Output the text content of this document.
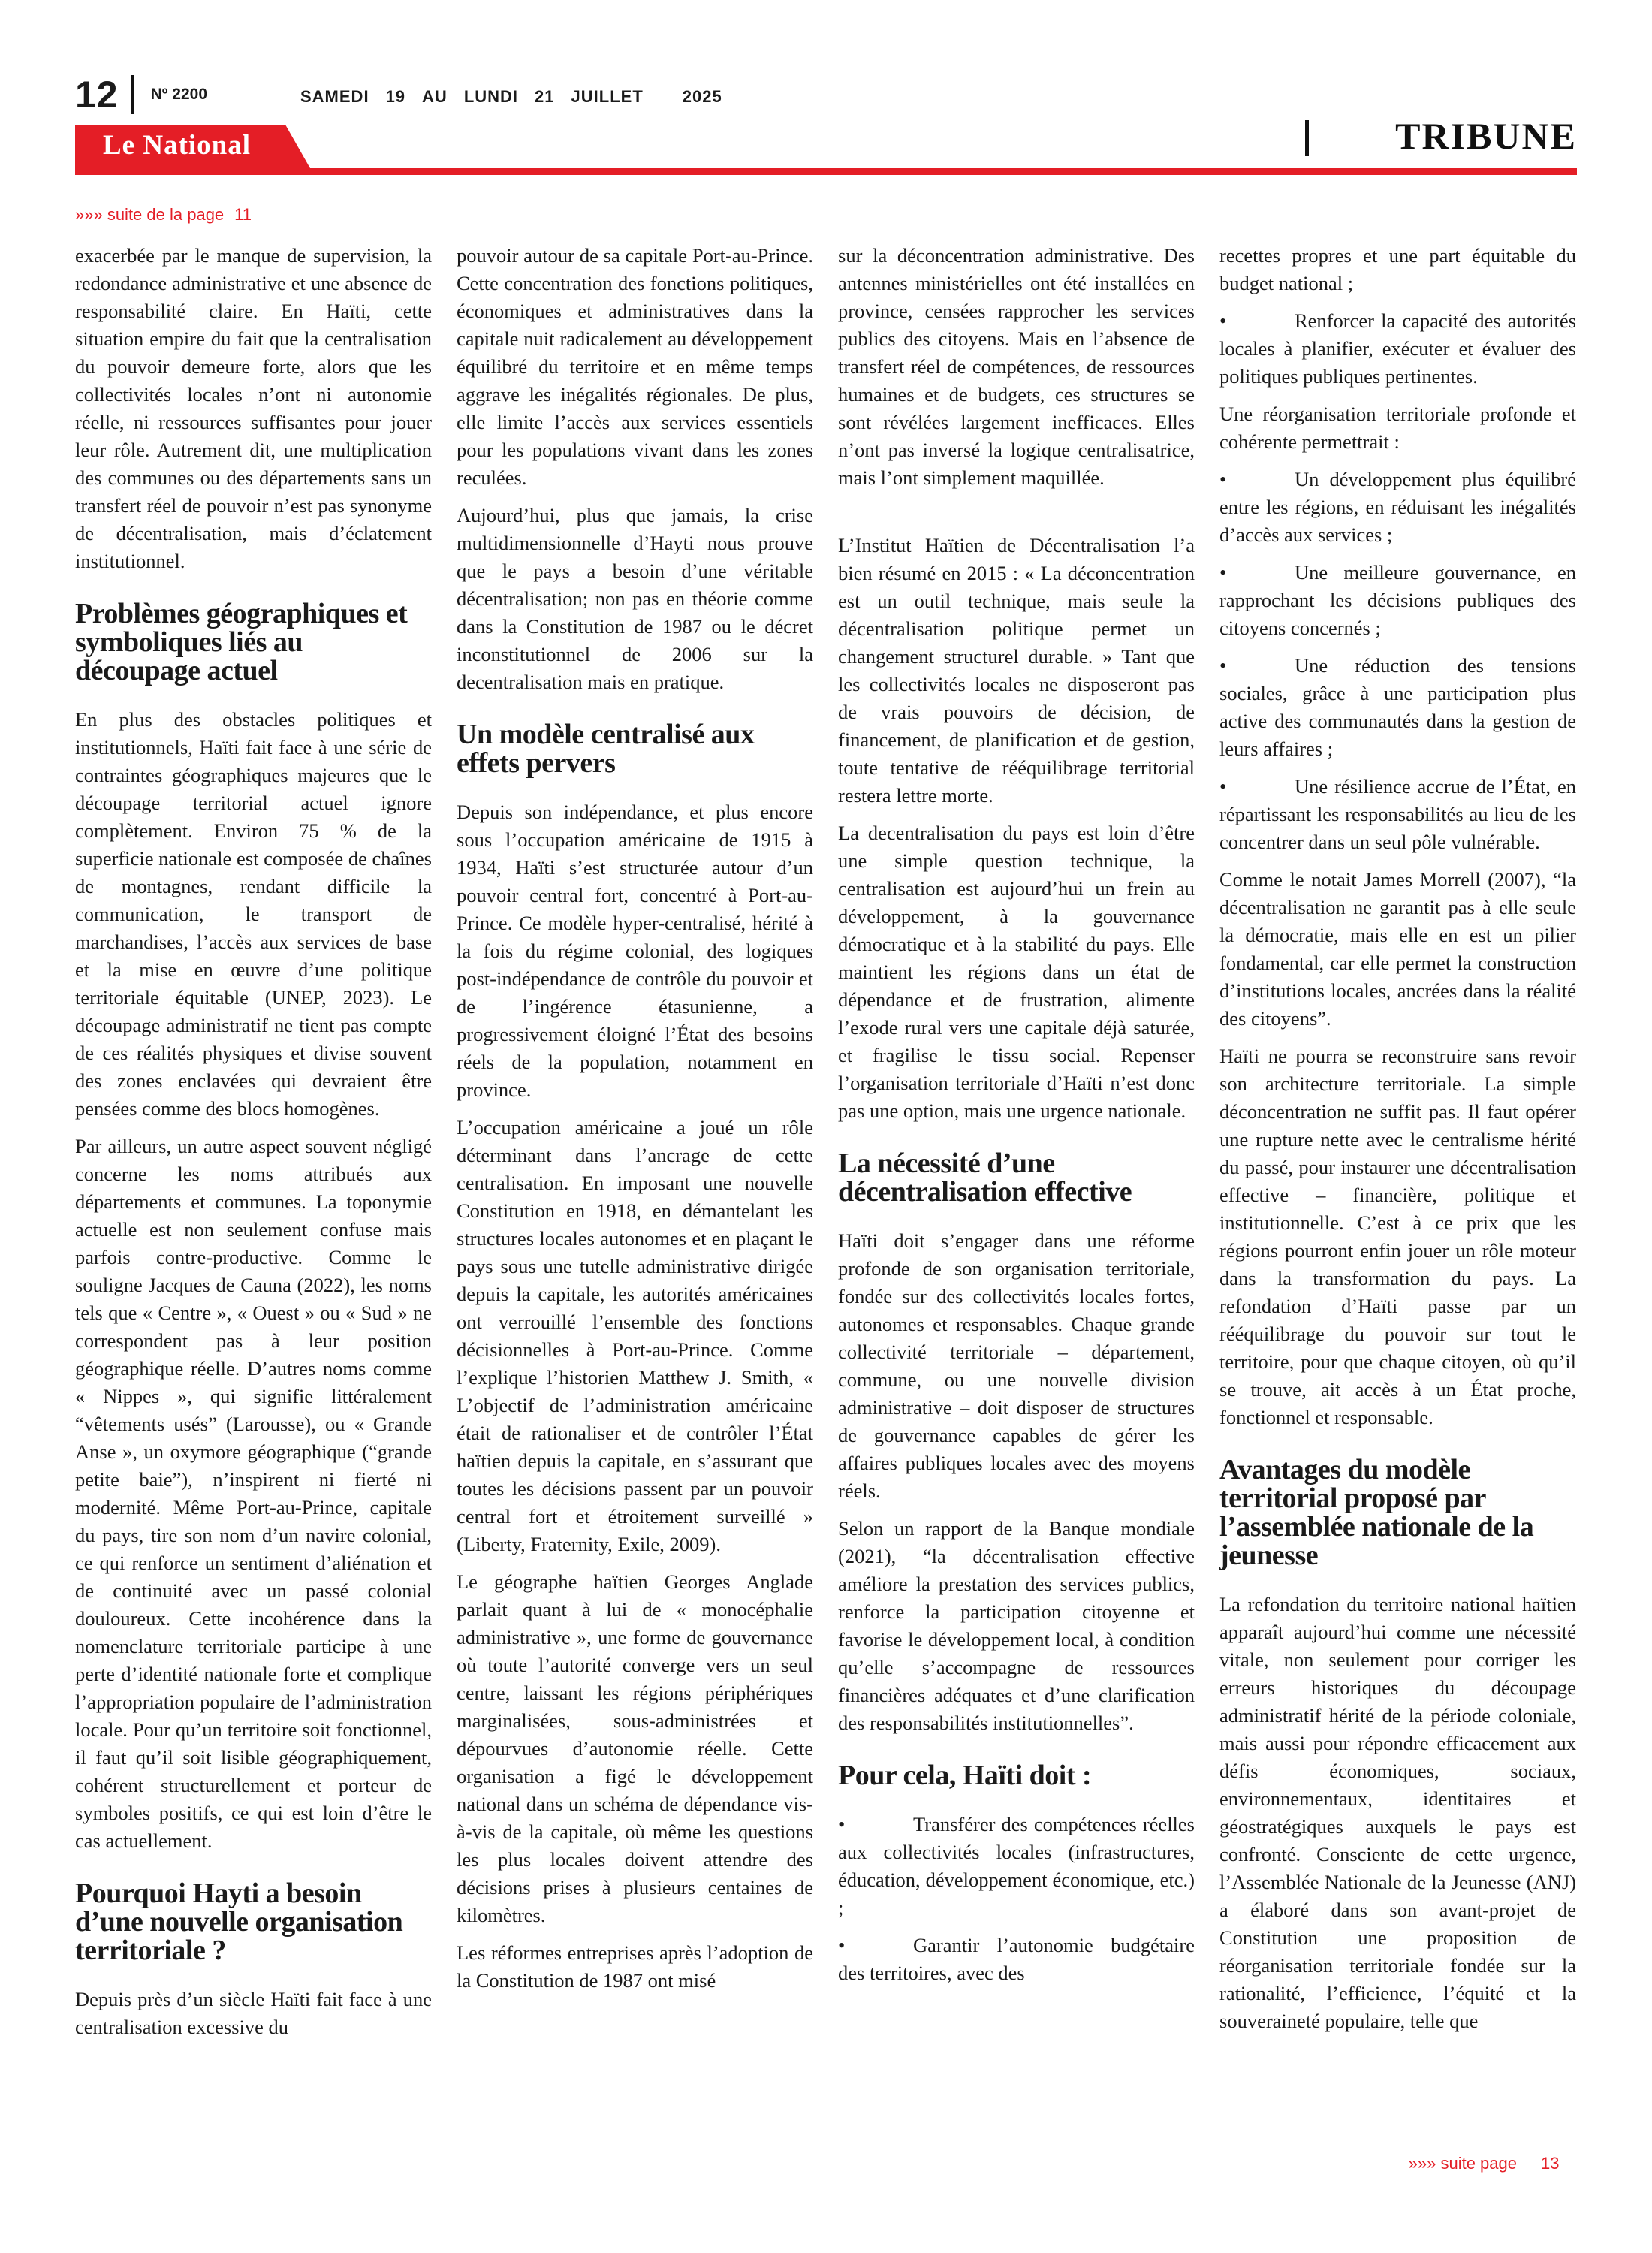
12 Nº 2200	SAMEDI 19 AU LUNDI 21 JUILLET 2025
Le National	TRIBUNE
»»» suite de la page 11

exacerbée par le manque de supervision, la redondance administrative et une absence de responsabilité claire. En Haïti, cette situation empire du fait que la centralisation du pouvoir demeure forte, alors que les collectivités locales n’ont ni autonomie réelle, ni ressources suffisantes pour jouer leur rôle. Autrement dit, une multiplication des communes ou des départements sans un transfert réel de pouvoir n’est pas synonyme de décentralisation, mais d’éclatement institutionnel.

Problèmes géographiques et symboliques liés au découpage actuel

En plus des obstacles politiques et institutionnels, Haïti fait face à une série de contraintes géographiques majeures que le découpage territorial actuel ignore complètement. Environ 75 % de la superficie nationale est composée de chaînes de montagnes, rendant difficile la communication, le transport de marchandises, l’accès aux services de base et la mise en œuvre d’une politique territoriale équitable (UNEP, 2023). Le découpage administratif ne tient pas compte de ces réalités physiques et divise souvent des zones enclavées qui devraient être pensées comme des blocs homogènes.

Par ailleurs, un autre aspect souvent négligé concerne les noms attribués aux départements et communes. La toponymie actuelle est non seulement confuse mais parfois contre-productive. Comme le souligne Jacques de Cauna (2022), les noms tels que « Centre », « Ouest » ou « Sud » ne correspondent pas à leur position géographique réelle. D’autres noms comme « Nippes », qui signifie littéralement “vêtements usés” (Larousse), ou « Grande Anse », un oxymore géographique (“grande petite baie”), n’inspirent ni fierté ni modernité. Même Port-au-Prince, capitale du pays, tire son nom d’un navire colonial, ce qui renforce un sentiment d’aliénation et de continuité avec un passé colonial douloureux. Cette incohérence dans la nomenclature territoriale participe à une perte d’identité nationale forte et complique l’appropriation populaire de l’administration locale. Pour qu’un territoire soit fonctionnel, il faut qu’il soit lisible géographiquement, cohérent structurellement et porteur de symboles positifs, ce qui est loin d’être le cas actuellement.

Pourquoi Hayti a besoin d’une nouvelle organisation territoriale ?

Depuis près d’un siècle Haïti fait face à une centralisation excessive du

pouvoir autour de sa capitale Port-au-Prince. Cette concentration des fonctions politiques, économiques et administratives dans la capitale nuit radicalement au développement équilibré du territoire et en même temps aggrave les inégalités régionales. De plus, elle limite l’accès aux services essentiels pour les populations vivant dans les zones reculées.

Aujourd’hui, plus que jamais, la crise multidimensionnelle d’Hayti nous prouve que le pays a besoin d’une véritable décentralisation; non pas en théorie comme dans la Constitution de 1987 ou le décret inconstitutionnel de 2006 sur la decentralisation mais en pratique.

Un modèle centralisé aux effets pervers

Depuis son indépendance, et plus encore sous l’occupation américaine de 1915 à 1934, Haïti s’est structurée autour d’un pouvoir central fort, concentré à Port-au-Prince. Ce modèle hyper-centralisé, hérité à la fois du régime colonial, des logiques post-indépendance de contrôle du pouvoir et de l’ingérence étasunienne, a progressivement éloigné l’État des besoins réels de la population, notamment en province.

L’occupation américaine a joué un rôle déterminant dans l’ancrage de cette centralisation. En imposant une nouvelle Constitution en 1918, en démantelant les structures locales autonomes et en plaçant le pays sous une tutelle administrative dirigée depuis la capitale, les autorités américaines ont verrouillé l’ensemble des fonctions décisionnelles à Port-au-Prince. Comme l’explique l’historien Matthew J. Smith, « L’objectif de l’administration américaine était de rationaliser et de contrôler l’État haïtien depuis la capitale, en s’assurant que toutes les décisions passent par un pouvoir central fort et étroitement surveillé » (Liberty, Fraternity, Exile, 2009).

Le géographe haïtien Georges Anglade parlait quant à lui de « monocéphalie administrative », une forme de gouvernance où toute l’autorité converge vers un seul centre, laissant les régions périphériques marginalisées, sous-administrées et dépourvues d’autonomie réelle. Cette organisation a figé le développement national dans un schéma de dépendance vis-à-vis de la capitale, où même les questions les plus locales doivent attendre des décisions prises à plusieurs centaines de kilomètres.

Les réformes entreprises après l’adoption de la Constitution de 1987 ont misé

sur la déconcentration administrative. Des antennes ministérielles ont été installées en province, censées rapprocher les services publics des citoyens. Mais en l’absence de transfert réel de compétences, de ressources humaines et de budgets, ces structures se sont révélées largement inefficaces. Elles n’ont pas inversé la logique centralisatrice, mais l’ont simplement maquillée.

L’Institut Haïtien de Décentralisation l’a bien résumé en 2015 : « La déconcentration est un outil technique, mais seule la décentralisation politique permet un changement structurel durable. » Tant que les collectivités locales ne disposeront pas de vrais pouvoirs de décision, de financement, de planification et de gestion, toute tentative de rééquilibrage territorial restera lettre morte.

La decentralisation du pays est loin d’être une simple question technique, la centralisation est aujourd’hui un frein au développement, à la gouvernance démocratique et à la stabilité du pays. Elle maintient les régions dans un état de dépendance et de frustration, alimente l’exode rural vers une capitale déjà saturée, et fragilise le tissu social. Repenser l’organisation territoriale d’Haïti n’est donc pas une option, mais une urgence nationale.

La nécessité d’une décentralisation effective

Haïti doit s’engager dans une réforme profonde de son organisation territoriale, fondée sur des collectivités locales fortes, autonomes et responsables. Chaque grande collectivité territoriale – département, commune, ou une nouvelle division administrative – doit disposer de structures de gouvernance capables de gérer les affaires publiques locales avec des moyens réels.

Selon un rapport de la Banque mondiale (2021), “la décentralisation effective améliore la prestation des services publics, renforce la participation citoyenne et favorise le développement local, à condition qu’elle s’accompagne de ressources financières adéquates et d’une clarification des responsabilités institutionnelles”.

Pour cela, Haïti doit :
•	Transférer des compétences réelles aux collectivités locales (infrastructures, éducation, développement économique, etc.) ;
•	Garantir l’autonomie budgétaire des territoires, avec des

recettes propres et une part équitable du budget national ;

•	Renforcer la capacité des autorités locales à planifier, exécuter et évaluer des politiques publiques pertinentes.

Une réorganisation territoriale profonde et cohérente permettrait :

•	Un développement plus équilibré entre les régions, en réduisant les inégalités d’accès aux services ;
•	Une meilleure gouvernance, en rapprochant les décisions publiques des citoyens concernés ;
•	Une réduction des tensions sociales, grâce à une participation plus active des communautés dans la gestion de leurs affaires ;
•	Une résilience accrue de l’État, en répartissant les responsabilités au lieu de les concentrer dans un seul pôle vulnérable.

Comme le notait James Morrell (2007), “la décentralisation ne garantit pas à elle seule la démocratie, mais elle en est un pilier fondamental, car elle permet la construction d’institutions locales, ancrées dans la réalité des citoyens”.

Haïti ne pourra se reconstruire sans revoir son architecture territoriale. La simple déconcentration ne suffit pas. Il faut opérer une rupture nette avec le centralisme hérité du passé, pour instaurer une décentralisation effective – financière, politique et institutionnelle. C’est à ce prix que les régions pourront enfin jouer un rôle moteur dans la transformation du pays. La refondation d’Haïti passe par un rééquilibrage du pouvoir sur tout le territoire, pour que chaque citoyen, où qu’il se trouve, ait accès à un État proche, fonctionnel et responsable.

Avantages du modèle territorial proposé par l’assemblée nationale de la jeunesse

La refondation du territoire national haïtien apparaît aujourd’hui comme une nécessité vitale, non seulement pour corriger les erreurs historiques du découpage administratif hérité de la période coloniale, mais aussi pour répondre efficacement aux défis économiques, sociaux, environnementaux, identitaires et géostratégiques auxquels le pays est confronté. Consciente de cette urgence, l’Assemblée Nationale de la Jeunesse (ANJ) a élaboré dans son avant-projet de Constitution une proposition de réorganisation territoriale fondée sur la rationalité, l’efficience, l’équité et la souveraineté populaire, telle que

»»» suite page 13
